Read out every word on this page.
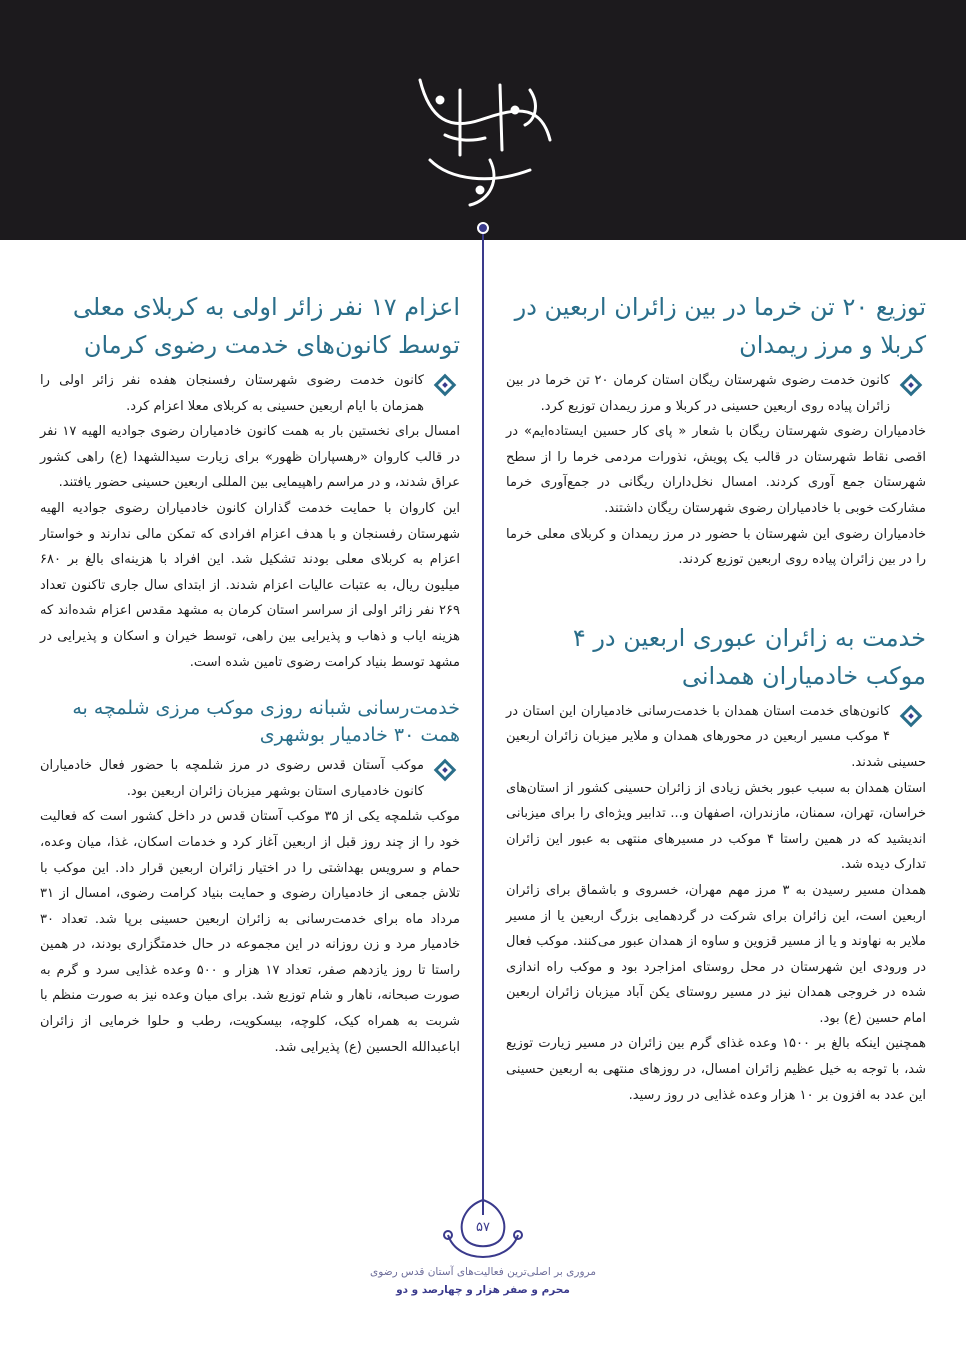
توزیع ۲۰ تن خرما در بین زائران اربعین در کربلا و مرز ریمدان

کانون خدمت رضوی شهرستان ریگان استان کرمان ۲۰ تن خرما در بین زائران پیاده روی اربعین حسینی در کربلا و مرز ریمدان توزیع کرد.

خادمیاران رضوی شهرستان ریگان با شعار « پای کار حسین ایستاده‌ایم» در اقصی نقاط شهرستان در قالب یک پویش، نذورات مردمی خرما را از سطح شهرستان جمع آوری کردند. امسال نخل‌داران ریگانی در جمع‌آوری خرما مشارکت خوبی با خادمیاران رضوی شهرستان ریگان داشتند.

خادمیاران رضوی این شهرستان با حضور در مرز ریمدان و کربلای معلی خرما را در بین زائران پیاده روی اربعین توزیع کردند.

خدمت به زائران عبوری اربعین در ۴ موکب خادمیاران همدانی

کانون‌های خدمت استان همدان با خدمت‌رسانی خادمیاران این استان در ۴ موکب مسیر اربعین در محورهای همدان و ملایر میزبان زائران اربعین حسینی شدند.

استان همدان به سبب عبور بخش زیادی از زائران حسینی کشور از استان‌های خراسان، تهران، سمنان، مازندران، اصفهان و... تدابیر ویژه‌ای را برای میزبانی اندیشید که در همین راستا ۴ موکب در مسیرهای منتهی به عبور این زائران تدارک دیده شد.

همدان مسیر رسیدن به ۳ مرز مهم مهران، خسروی و باشماق برای زائران اربعین است، این زائران برای شرکت در گردهمایی بزرگ اربعین یا از مسیر ملایر به نهاوند و یا از مسیر قزوین و ساوه از همدان عبور می‌کنند. موکب فعال در ورودی این شهرستان در محل روستای امزاجرد بود و موکب راه اندازی شده در خروجی همدان نیز در مسیر روستای یکن آباد میزبان زائران اربعین امام حسین (ع) بود.

همچنین اینکه بالغ بر ۱۵۰۰ وعده غذای گرم بین زائران در مسیر زیارت توزیع شد، با توجه به خیل عظیم زائران امسال، در روزهای منتهی به اربعین حسینی این عدد به افزون بر ۱۰ هزار وعده غذایی در روز رسید.

اعزام ۱۷ نفر زائر اولی به کربلای معلی توسط کانون‌های خدمت رضوی کرمان

کانون خدمت رضوی شهرستان رفسنجان هفده نفر زائر اولی را همزمان با ایام اربعین حسینی به کربلای معلا اعزام کرد.

امسال برای نخستین بار به همت کانون خادمیاران رضوی جوادیه الهیه ۱۷ نفر در قالب کاروان «رهسپاران ظهور» برای زیارت سیدالشهدا (ع) راهی کشور عراق شدند، و در مراسم راهپیمایی بین المللی اربعین حسینی حضور یافتند.

این کاروان با حمایت خدمت گذاران کانون خادمیاران رضوی جوادیه الهیه شهرستان رفسنجان و با هدف اعزام افرادی که تمکن مالی ندارند و خواستار اعزام به کربلای معلی بودند تشکیل شد. این افراد با هزینه‌ای بالغ بر ۶۸۰ میلیون ریال، به عتبات عالیات اعزام شدند. از ابتدای سال جاری تاکنون تعداد ۲۶۹ نفر زائر اولی از سراسر استان کرمان به مشهد مقدس اعزام شده‌اند که هزینه ایاب و ذهاب و پذیرایی بین راهی، توسط خیران و اسکان و پذیرایی در مشهد توسط بنیاد کرامت رضوی تامین شده است.

خدمت‌رسانی شبانه روزی موکب مرزی شلمچه به همت ۳۰ خادمیار بوشهری

موکب آستان قدس رضوی در مرز شلمچه با حضور فعال خادمیاران کانون خادمیاری استان بوشهر میزبان زائران اربعین بود.

موکب شلمچه یکی از ۳۵ موکب آستان قدس در داخل کشور است که فعالیت خود را از چند روز قبل از اربعین آغاز کرد و خدمات اسکان، غذا، میان وعده، حمام و سرویس بهداشتی را در اختیار زائران اربعین قرار داد. این موکب با تلاش جمعی از خادمیاران رضوی و حمایت بنیاد کرامت رضوی، امسال از ۳۱ مرداد ماه برای خدمت‌رسانی به زائران اربعین حسینی برپا شد. تعداد ۳۰ خادمیار مرد و زن روزانه در این مجموعه در حال خدمتگزاری بودند، در همین راستا تا روز یازدهم صفر، تعداد ۱۷ هزار و ۵۰۰ وعده غذایی سرد و گرم به صورت صبحانه، ناهار و شام توزیع شد. برای میان وعده نیز به صورت منظم با شربت به همراه کیک، کلوچه، بیسکویت، رطب و حلوا خرمایی از زائران اباعبدالله الحسین (ع) پذیرایی شد.

۵۷
مروری بر اصلی‌ترین فعالیت‌های آستان قدس رضوی
محرم و صفر هزار و چهارصد و دو
